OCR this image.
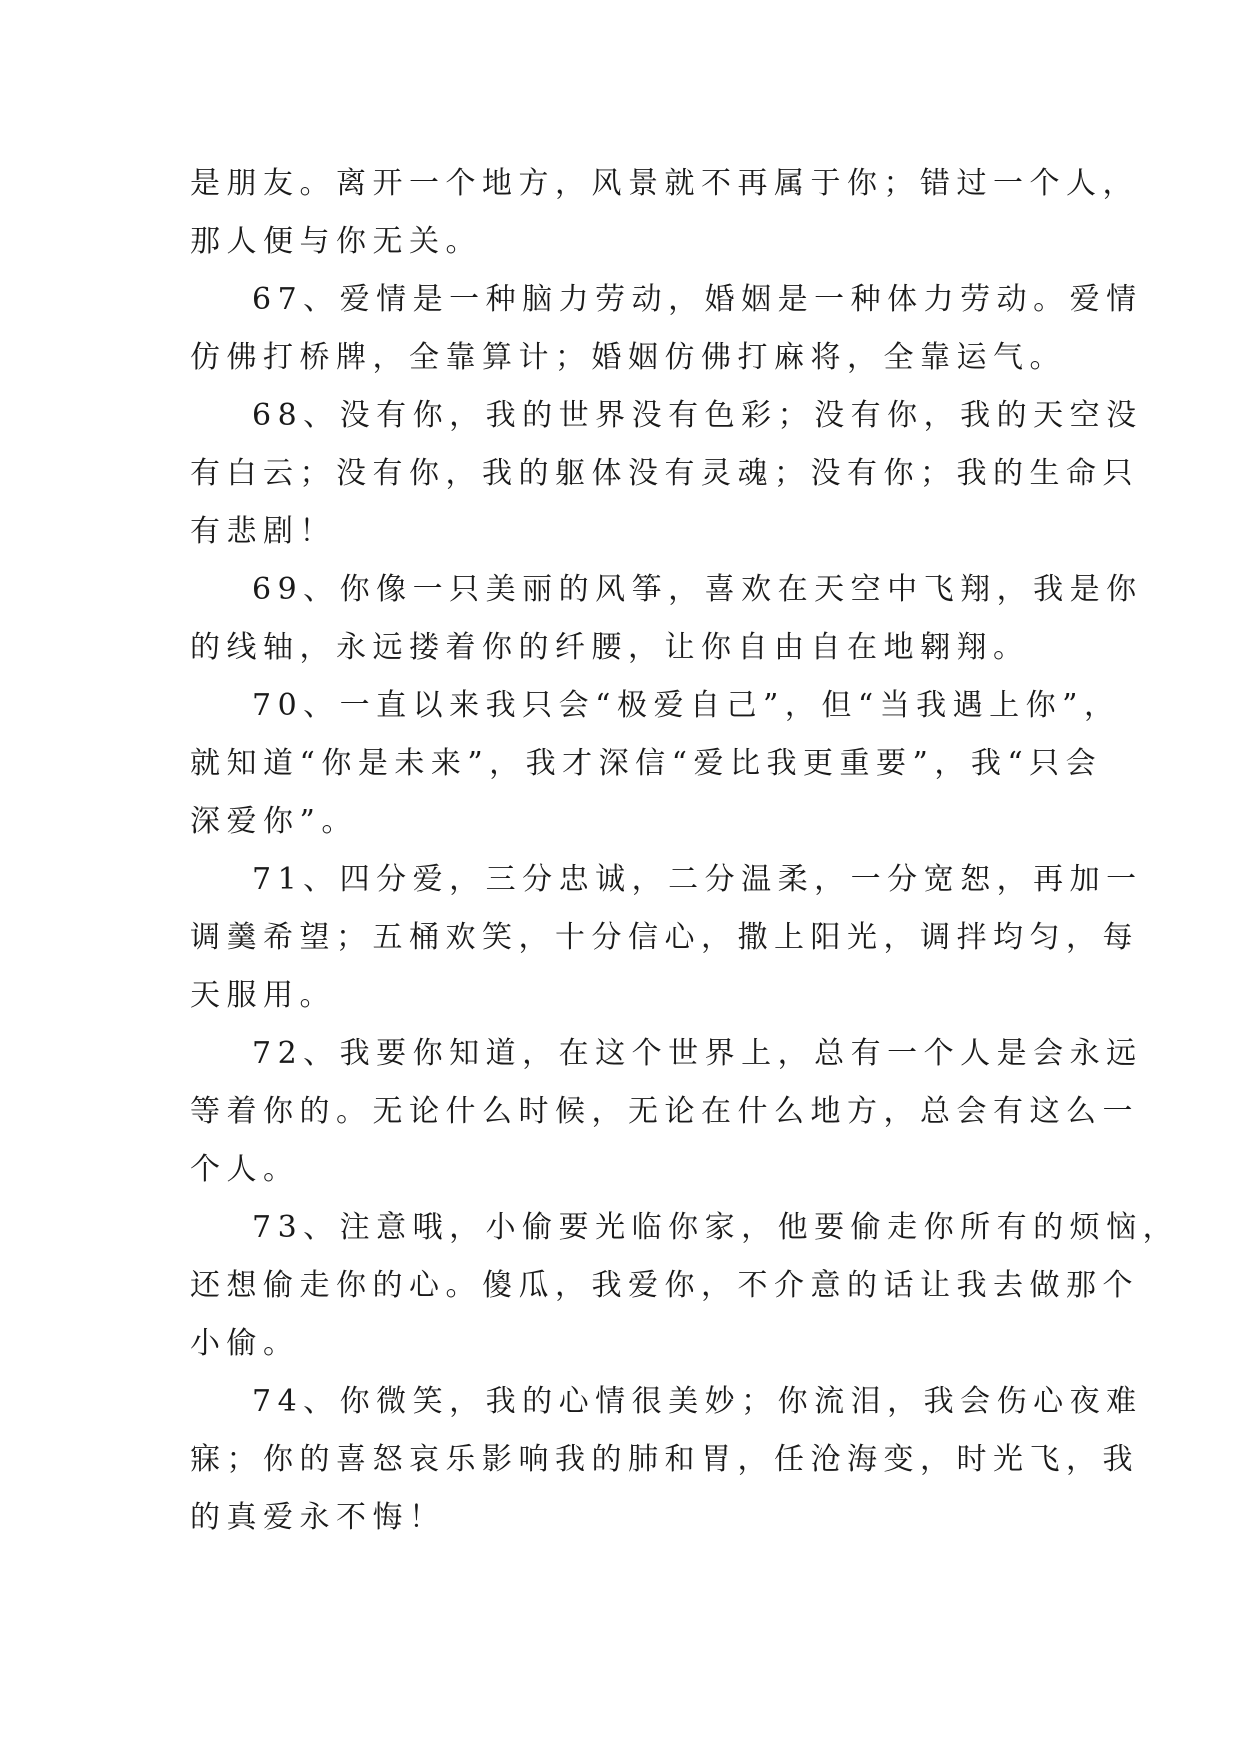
是朋友。离开一个地方，风景就不再属于你；错过一个人，
那人便与你无关。
67、爱情是一种脑力劳动，婚姻是一种体力劳动。爱情
仿佛打桥牌，全靠算计；婚姻仿佛打麻将，全靠运气。
68、没有你，我的世界没有色彩；没有你，我的天空没
有白云；没有你，我的躯体没有灵魂；没有你；我的生命只
有悲剧！
69、你像一只美丽的风筝，喜欢在天空中飞翔，我是你
的线轴，永远搂着你的纤腰，让你自由自在地翱翔。
70、一直以来我只会“极爱自己”，但“当我遇上你”，
就知道“你是未来”，我才深信“爱比我更重要”，我“只会
深爱你”。
71、四分爱，三分忠诚，二分温柔，一分宽恕，再加一
调羹希望；五桶欢笑，十分信心，撒上阳光，调拌均匀，每
天服用。
72、我要你知道，在这个世界上，总有一个人是会永远
等着你的。无论什么时候，无论在什么地方，总会有这么一
个人。
73、注意哦，小偷要光临你家，他要偷走你所有的烦恼，
还想偷走你的心。傻瓜，我爱你，不介意的话让我去做那个
小偷。
74、你微笑，我的心情很美妙；你流泪，我会伤心夜难
寐；你的喜怒哀乐影响我的肺和胃，任沧海变，时光飞，我
的真爱永不悔！
